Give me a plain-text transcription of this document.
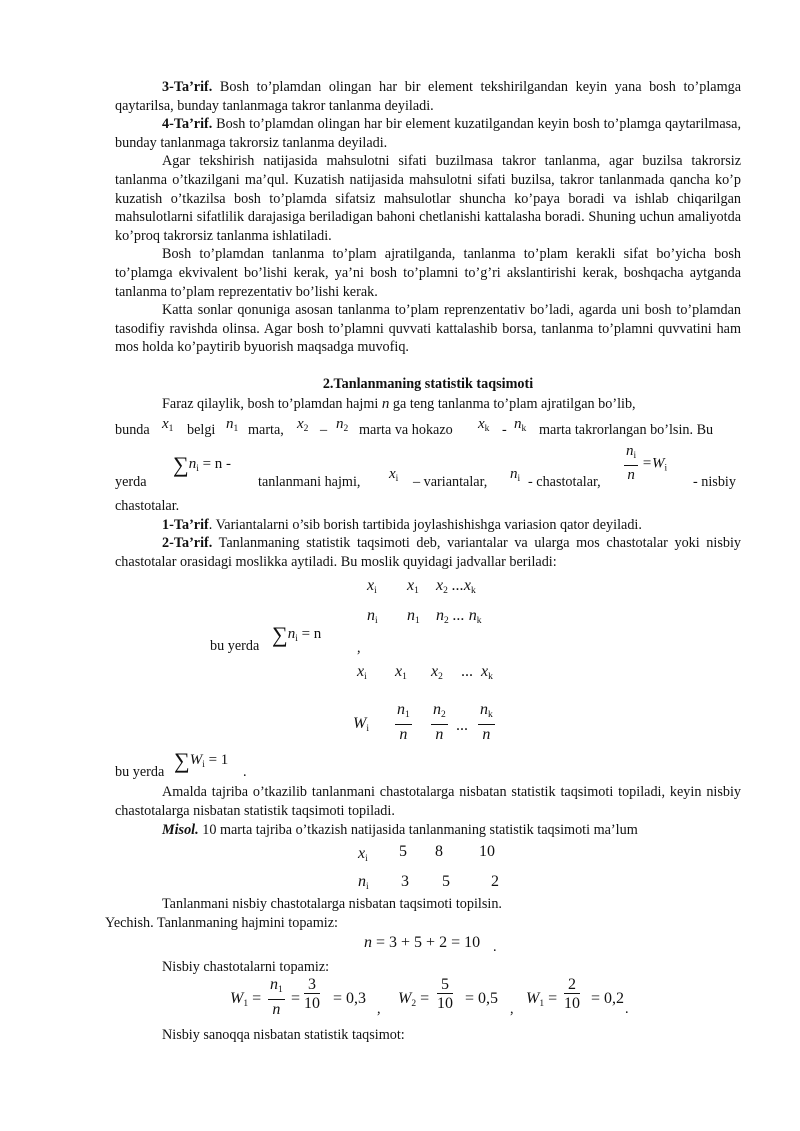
3-Ta’rif. Bosh to’plamdan olingan har bir element tekshirilgandan keyin yana bosh to’plamga qaytarilsa, bunday tanlanmaga takror tanlanma deyiladi.

4-Ta’rif. Bosh to’plamdan olingan har bir element kuzatilgandan keyin bosh to’plamga qaytarilmasa, bunday tanlanmaga takrorsiz tanlanma deyiladi.

Agar tekshirish natijasida mahsulotni sifati buzilmasa takror tanlanma, agar buzilsa takrorsiz tanlanma o’tkazilgani ma’qul. Kuzatish natijasida mahsulotni sifati buzilsa, takror tanlanmada qancha ko’p kuzatish o’tkazilsa bosh to’plamda sifatsiz mahsulotlar shuncha ko’paya boradi va ishlab chiqarilgan mahsulotlarni sifatlilik darajasiga beriladigan bahoni chetlanishi kattalasha boradi. Shuning uchun amaliyotda ko’proq takrorsiz tanlanma ishlatiladi.

Bosh to’plamdan tanlanma to’plam ajratilganda, tanlanma to’plam kerakli sifat bo’yicha bosh to’plamga ekvivalent bo’lishi kerak, ya’ni bosh to’plamni to’g’ri akslantirishi kerak, boshqacha aytganda tanlanma to’plam reprezentativ bo’lishi kerak.

Katta sonlar qonuniga asosan tanlanma to’plam reprenzentativ bo’ladi, agarda uni bosh to’plamdan tasodifiy ravishda olinsa. Agar bosh to’plamni quvvati kattalashib borsa, tanlanma to’plamni quvvatini ham mos holda ko’paytirib byuorish maqsadga muvofiq.

2.Tanlanmaning statistik taqsimoti

Faraz qilaylik, bosh to’plamdan hajmi n ga teng tanlanma to’plam ajratilgan bo’lib,

bunda $x_1$ belgi $n_1$ marta, $x_2 - n_2$ marta va hokazo $x_k - n_k$ marta takrorlangan bo’lsin. Bu
yerda
$\sum n_i = n$ -
tanlanmani hajmi, $x_i$ – variantalar, $n_i$ - chastotalar, $\frac{n_i}{n} =W_i$
- nisbiy

chastotalar.

1-Ta’rif. Variantalarni o’sib borish tartibida joylashishishga variasion qator deyiladi.

2-Ta’rif. Tanlanmaning statistik taqsimoti deb, variantalar va ularga mos chastotalar yoki nisbiy chastotalar orasidagi moslikka aytiladi. Bu moslik quyidagi jadvallar beriladi:

$x_i$ $x_1$ $x_2$ $...x_k$
$n_i$ $n_1$ $n_2$ ... $n_k$
bu yerda $\sum n_i = n$
,
$x_i$ $x_1$ $x_2$ ... $x_k$
$W_i \frac{n_1}{n} \frac{n_2}{n}$ ... $\frac{n_k}{n}$
bu yerda $\sum W_i = 1$
.

Amalda tajriba o’tkazilib tanlanmani chastotalarga nisbatan statistik taqsimoti topiladi, keyin nisbiy chastotalarga nisbatan statistik taqsimoti topiladi.

Misol. 10 marta tajriba o’tkazish natijasida tanlanmaning statistik taqsimoti ma’lum

$x_i$ 5 8 10
$n_i$ 3 5	2

Tanlanmani nisbiy chastotalarga nisbatan taqsimoti topilsin.

Yechish. Tanlanmaning hajmini topamiz:
n = 3 + 5 + 2 = 10 .

Nisbiy chastotalarni topamiz:

$W_1 = \frac{n_1}{n} = \frac{3}{10} = 0,3$
,
$W_2 = \frac{5}{10} = 0,5$
,
$W_1 = \frac{2}{10} = 0,2$
.

Nisbiy sanoqqa nisbatan statistik taqsimot:
